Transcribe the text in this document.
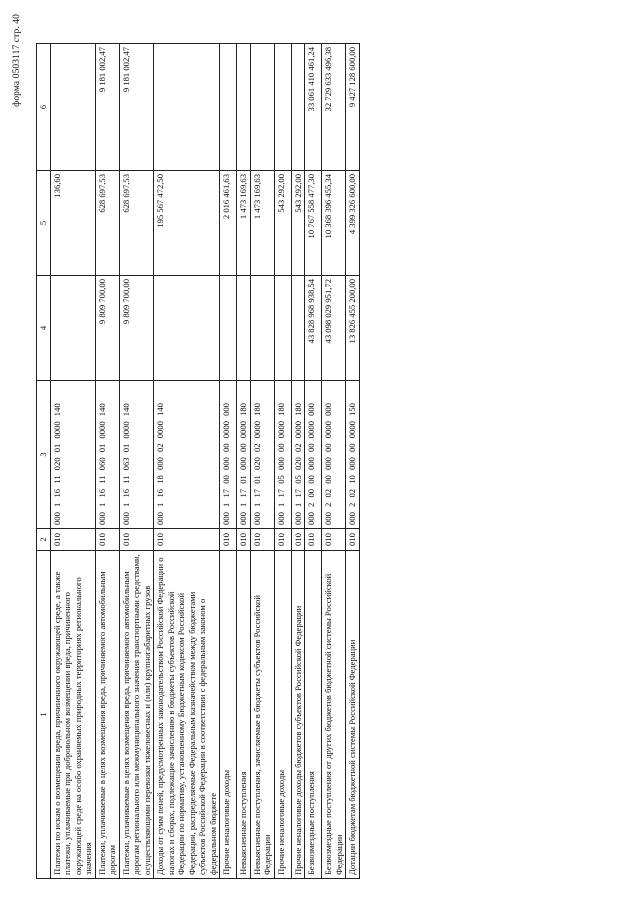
форма 0503117 стр. 40
1	2	3	4	5	6
Платежи по искам о возмещении вреда, причиненного окружающей среде, а также платежи, уплачиваемые при добровольном возмещении вреда, причиненного окружающей среде на особо охраняемых природных территориях регионального значения	010	000 1 16 11 020 01 0000 140		136,60	
Платежи, уплачиваемые в целях возмещения вреда, причиняемого автомобильным дорогам	010	000 1 16 11 060 01 0000 140	9 809 700,00	628 697,53	9 181 002,47
Платежи, уплачиваемые в целях возмещения вреда, причиняемого автомобильным дорогам регионального или межмуниципального значения транспортными средствами, осуществляющими перевозки тяжеловесных и (или) крупногабаритных грузов	010	000 1 16 11 063 01 0000 140	9 809 700,00	628 697,53	9 181 002,47
Доходы от сумм пеней, предусмотренных законодательством Российской Федерации о налогах и сборах, подлежащие зачислению в бюджеты субъектов Российской Федерации по нормативу, установленному Бюджетным кодексом Российской Федерации, распределяемые Федеральным казначейством между бюджетами субъектов Российской Федерации в соответствии с федеральным законом о федеральном бюджете	010	000 1 16 18 000 02 0000 140		195 567 472,50	
Прочие неналоговые доходы	010	000 1 17 00 000 00 0000 000		2 016 461,63	
Невыясненные поступления	010	000 1 17 01 000 00 0000 180		1 473 169,63	
Невыясненные поступления, зачисляемые в бюджеты субъектов Российской Федерации	010	000 1 17 01 020 02 0000 180		1 473 169,63	
Прочие неналоговые доходы	010	000 1 17 05 000 00 0000 180		543 292,00	
Прочие неналоговые доходы бюджетов субъектов Российской Федерации	010	000 1 17 05 020 02 0000 180		543 292,00	
Безвозмездные поступления	010	000 2 00 00 000 00 0000 000	43 828 968 938,54	10 767 558 477,30	33 061 410 461,24
Безвозмездные поступления от других бюджетов бюджетной системы Российской Федерации	010	000 2 02 00 000 00 0000 000	43 098 029 951,72	10 368 396 455,34	32 729 633 496,38
Дотации бюджетам бюджетной системы Российской Федерации	010	000 2 02 10 000 00 0000 150	13 826 455 200,00	4 399 326 600,00	9 427 128 600,00
